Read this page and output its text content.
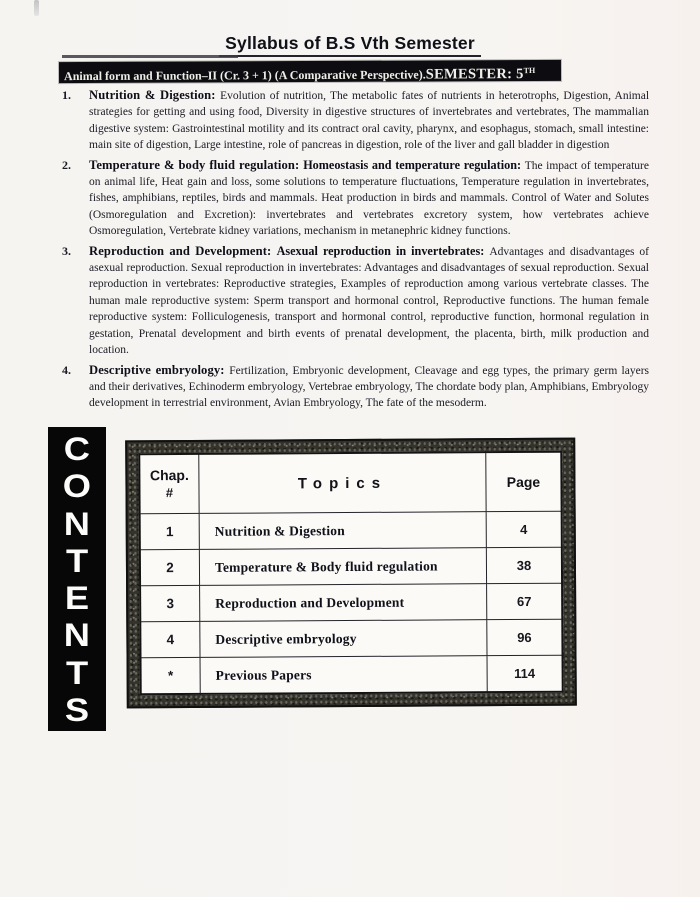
Syllabus of B.S Vth Semester
Animal form and Function–II (Cr. 3 + 1) (A Comparative Perspective).SEMESTER: 5TH
1. Nutrition & Digestion: Evolution of nutrition, The metabolic fates of nutrients in heterotrophs, Digestion, Animal strategies for getting and using food, Diversity in digestive structures of invertebrates and vertebrates, The mammalian digestive system: Gastrointestinal motility and its contract oral cavity, pharynx, and esophagus, stomach, small intestine: main site of digestion, Large intestine, role of pancreas in digestion, role of the liver and gall bladder in digestion
2. Temperature & body fluid regulation: Homeostasis and temperature regulation: The impact of temperature on animal life, Heat gain and loss, some solutions to temperature fluctuations, Temperature regulation in invertebrates, fishes, amphibians, reptiles, birds and mammals. Heat production in birds and mammals. Control of Water and Solutes (Osmoregulation and Excretion): invertebrates and vertebrates excretory system, how vertebrates achieve Osmoregulation, Vertebrate kidney variations, mechanism in metanephric kidney functions.
3. Reproduction and Development: Asexual reproduction in invertebrates: Advantages and disadvantages of asexual reproduction. Sexual reproduction in invertebrates: Advantages and disadvantages of sexual reproduction. Sexual reproduction in vertebrates: Reproductive strategies, Examples of reproduction among various vertebrate classes. The human male reproductive system: Sperm transport and hormonal control, Reproductive functions. The human female reproductive system: Folliculogenesis, transport and hormonal control, reproductive function, hormonal regulation in gestation, Prenatal development and birth events of prenatal development, the placenta, birth, milk production and location.
4. Descriptive embryology: Fertilization, Embryonic development, Cleavage and egg types, the primary germ layers and their derivatives, Echinoderm embryology, Vertebrae embryology, The chordate body plan, Amphibians, Embryology development in terrestrial environment, Avian Embryology, The fate of the mesoderm.
C
O
N
T
E
N
T
S
Chap.
#	Topics	Page
1	Nutrition & Digestion	4
2	Temperature & Body fluid regulation	38
3	Reproduction and Development	67
4	Descriptive embryology	96
*	Previous Papers	114
